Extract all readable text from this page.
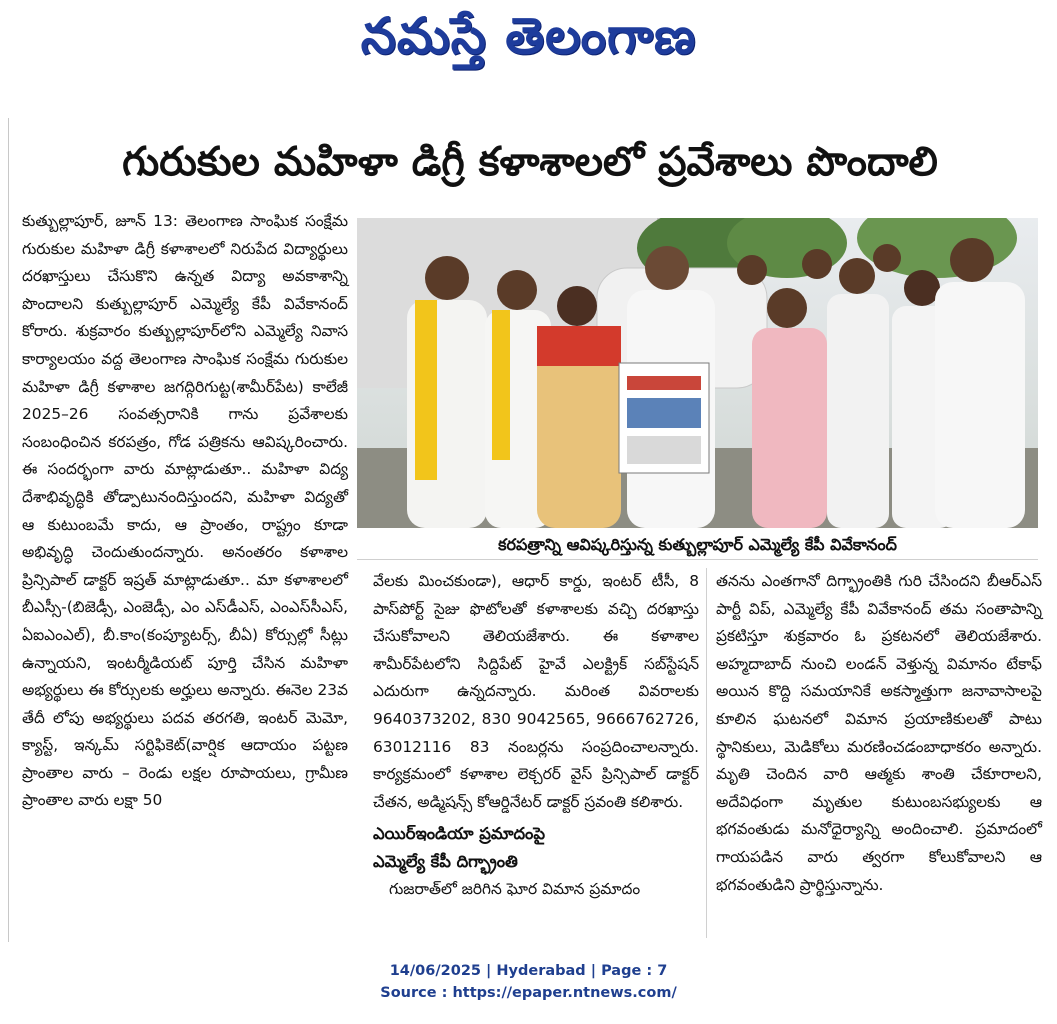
నమస్తే తెలంగాణ
గురుకుల మహిళా డిగ్రీ కళాశాలలో ప్రవేశాలు పొందాలి

కుత్బుల్లాపూర్, జూన్ 13: తెలంగాణ సాంఘిక సంక్షేమ గురుకుల మహిళా డిగ్రీ కళాశాలలో నిరుపేద విద్యార్థులు దరఖాస్తులు చేసుకొని ఉన్నత విద్యా అవకాశాన్ని పొందాలని కుత్బుల్లాపూర్ ఎమ్మెల్యే కేపీ వివేకానంద్ కోరారు. శుక్రవారం కుత్బుల్లాపూర్‌లోని ఎమ్మెల్యే నివాస కార్యాలయం వద్ద తెలంగాణ సాంఘిక సంక్షేమ గురుకుల మహిళా డిగ్రీ కళాశాల జగద్గిరిగుట్ట(శామీర్‌పేట) కాలేజీ 2025–26 సంవత్సరానికి గాను ప్రవేశాలకు సంబంధించిన కరపత్రం, గోడ పత్రికను ఆవిష్కరించారు. ఈ సందర్భంగా వారు మాట్లాడుతూ.. మహిళా విద్య దేశాభివృద్ధికి తోడ్పాటునందిస్తుందని, మహిళా విద్యతో ఆ కుటుంబమే కాదు, ఆ ప్రాంతం, రాష్ట్రం కూడా అభివృద్ధి చెందుతుందన్నారు. అనంతరం కళాశాల ప్రిన్సిపాల్ డాక్టర్ ఇష్రత్ మాట్లాడుతూ.. మా కళాశాలలో బీఎస్సీ-(బిజెడ్సీ, ఎంజెడ్సీ, ఎం ఎస్‌డీఎస్, ఎంఎస్‌సీఎస్, ఏఐఎంఎల్), బీ.కాం(కంప్యూటర్స్, బీఏ) కోర్సుల్లో సీట్లు ఉన్నాయని, ఇంటర్మీడియట్ పూర్తి చేసిన మహిళా అభ్యర్థులు ఈ కోర్సులకు అర్హులు అన్నారు. ఈనెల 23వ తేదీ లోపు అభ్యర్థులు పదవ తరగతి, ఇంటర్ మెమో, క్యాస్ట్, ఇన్కమ్ సర్టిఫికెట్(వార్షిక ఆదాయం పట్టణ ప్రాంతాల వారు – రెండు లక్షల రూపాయలు, గ్రామీణ ప్రాంతాల వారు లక్షా 50

కరపత్రాన్ని ఆవిష్కరిస్తున్న కుత్బుల్లాపూర్ ఎమ్మెల్యే కేపీ వివేకానంద్

వేలకు మించకుండా), ఆధార్ కార్డు, ఇంటర్ టీసీ, 8 పాస్‌పోర్ట్ సైజు ఫొటోలతో కళాశాలకు వచ్చి దరఖాస్తు చేసుకోవాలని తెలియజేశారు. ఈ కళాశాల శామీర్‌పేటలోని సిద్దిపేట్ హైవే ఎలక్ట్రిక్ సబ్‌స్టేషన్ ఎదురుగా ఉన్నదన్నారు. మరింత వివరాలకు 9640373202, 830 9042565, 9666762726, 63012116 83 నంబర్లను సంప్రదించాలన్నారు. కార్యక్రమంలో కళాశాల లెక్చరర్ వైస్ ప్రిన్సిపాల్ డాక్టర్ చేతన, అడ్మిషన్స్ కోఆర్డినేటర్ డాక్టర్ స్రవంతి కలిశారు.

ఎయిర్‌ఇండియా ప్రమాదంపై

ఎమ్మెల్యే కేపీ దిగ్భ్రాంతి

గుజరాత్‌లో జరిగిన ఘోర విమాన ప్రమాదం

తనను ఎంతగానో దిగ్భ్రాంతికి గురి చేసిందని బీఆర్ఎస్ పార్టీ విప్, ఎమ్మెల్యే కేపీ వివేకానంద్ తమ సంతాపాన్ని ప్రకటిస్తూ శుక్రవారం ఓ ప్రకటనలో తెలియజేశారు. అహ్మదాబాద్ నుంచి లండన్ వెళ్తున్న విమానం టేకాఫ్ అయిన కొద్ది సమయానికే అకస్మాత్తుగా జనావాసాలపై కూలిన ఘటనలో విమాన ప్రయాణికులతో పాటు స్థానికులు, మెడికోలు మరణించడంబాధాకరం అన్నారు. మృతి చెందిన వారి ఆత్మకు శాంతి చేకూరాలని, అదేవిధంగా మృతుల కుటుంబసభ్యులకు ఆ భగవంతుడు మనోధైర్యాన్ని అందించాలి. ప్రమాదంలో గాయపడిన వారు త్వరగా కోలుకోవాలని ఆ భగవంతుడిని ప్రార్థిస్తున్నాను.

14/06/2025 | Hyderabad | Page : 7
Source : https://epaper.ntnews.com/
